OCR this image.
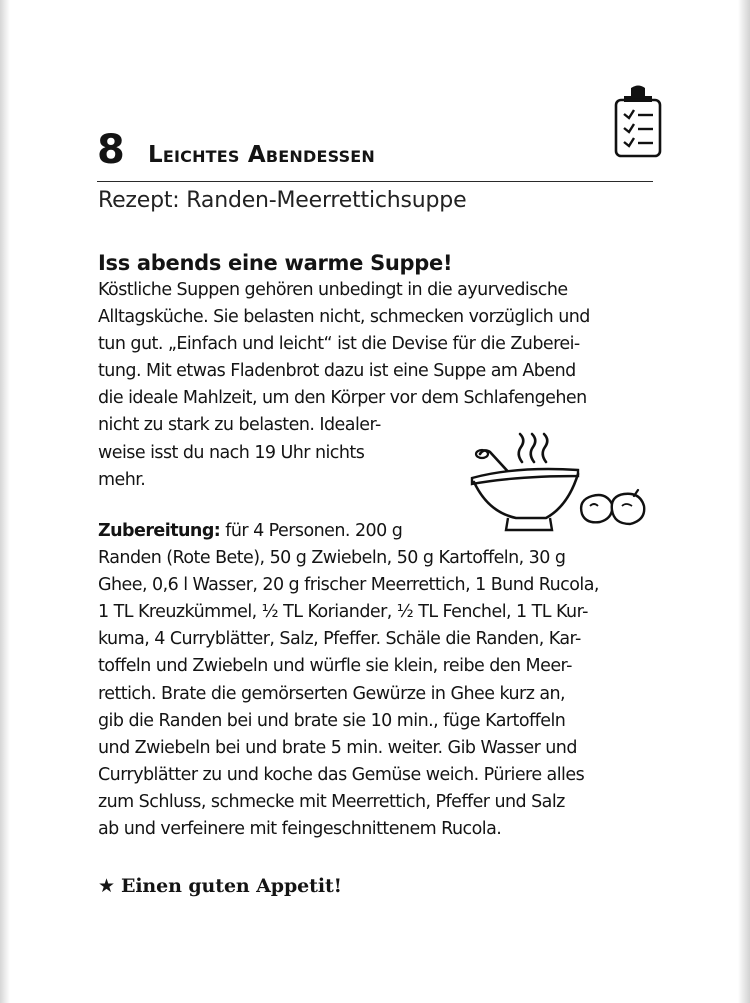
8 Leichtes Abendessen
Rezept: Randen-Meerrettichsuppe
Iss abends eine warme Suppe!
Köstliche Suppen gehören unbedingt in die ayurvedische
Alltagsküche. Sie belasten nicht, schmecken vorzüglich und
tun gut. „Einfach und leicht“ ist die Devise für die Zuberei-
tung. Mit etwas Fladenbrot dazu ist eine Suppe am Abend
die ideale Mahlzeit, um den Körper vor dem Schlafengehen
nicht zu stark zu belasten. Idealer-
weise isst du nach 19 Uhr nichts
mehr.
Zubereitung: für 4 Personen. 200 g
Randen (Rote Bete), 50 g Zwiebeln, 50 g Kartoffeln, 30 g
Ghee, 0,6 l Wasser, 20 g frischer Meerrettich, 1 Bund Rucola,
1 TL Kreuzkümmel, ½ TL Koriander, ½ TL Fenchel, 1 TL Kur-
kuma, 4 Curryblätter, Salz, Pfeffer. Schäle die Randen, Kar-
toffeln und Zwiebeln und würfle sie klein, reibe den Meer-
rettich. Brate die gemörserten Gewürze in Ghee kurz an,
gib die Randen bei und brate sie 10 min., füge Kartoffeln
und Zwiebeln bei und brate 5 min. weiter. Gib Wasser und
Curryblätter zu und koche das Gemüse weich. Püriere alles
zum Schluss, schmecke mit Meerrettich, Pfeffer und Salz
ab und verfeinere mit feingeschnittenem Rucola.
★ Einen guten Appetit!
